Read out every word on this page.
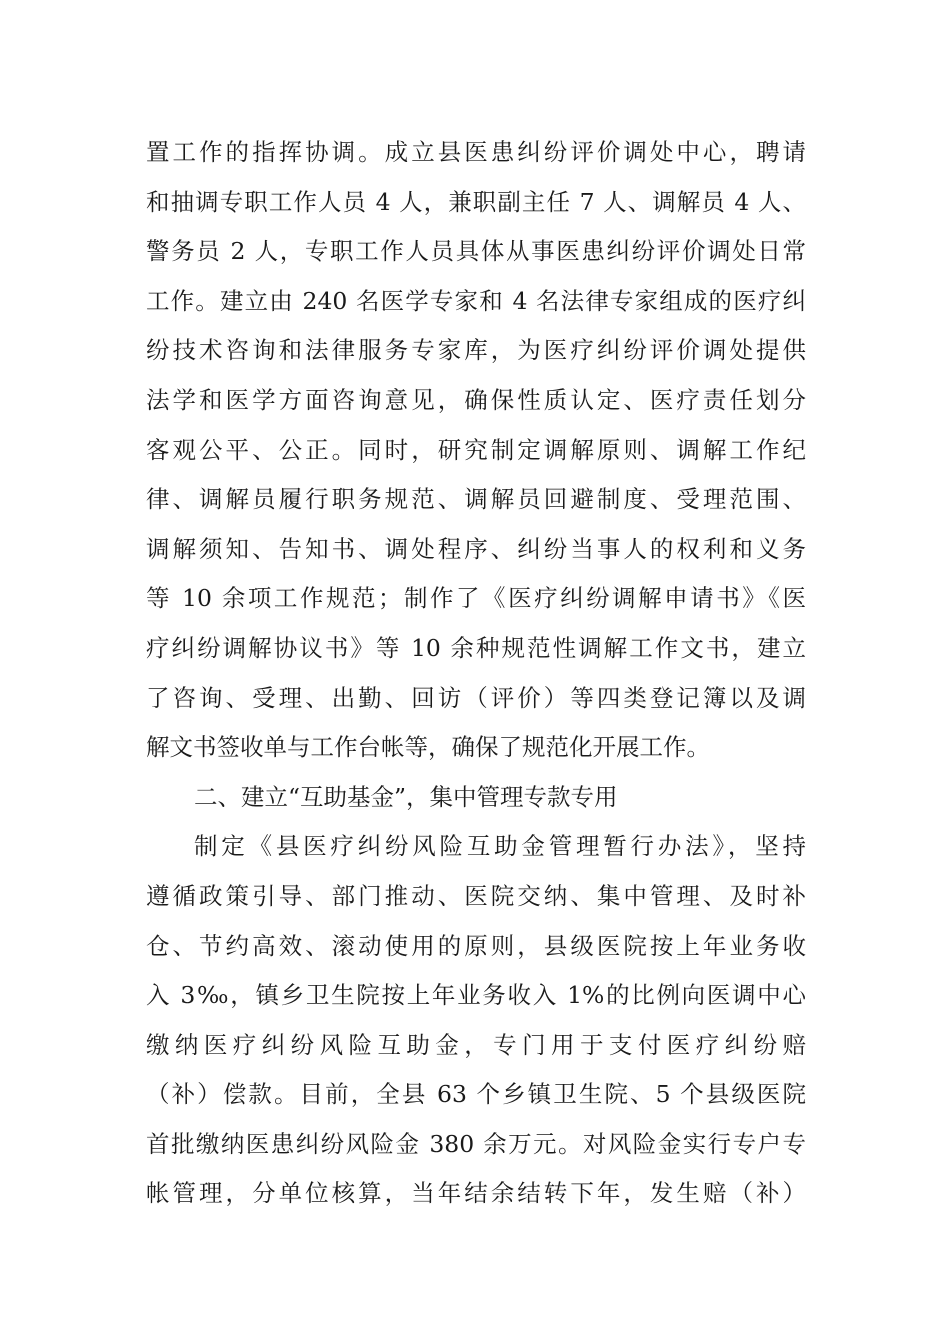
置工作的指挥协调。成立县医患纠纷评价调处中心，聘请
和抽调专职工作人员 4 人，兼职副主任 7 人、调解员 4 人、
警务员 2 人，专职工作人员具体从事医患纠纷评价调处日常
工作。建立由 240 名医学专家和 4 名法律专家组成的医疗纠
纷技术咨询和法律服务专家库，为医疗纠纷评价调处提供
法学和医学方面咨询意见，确保性质认定、医疗责任划分
客观公平、公正。同时，研究制定调解原则、调解工作纪
律、调解员履行职务规范、调解员回避制度、受理范围、
调解须知、告知书、调处程序、纠纷当事人的权利和义务
等 10 余项工作规范；制作了《医疗纠纷调解申请书》《医
疗纠纷调解协议书》等 10 余种规范性调解工作文书，建立
了咨询、受理、出勤、回访（评价）等四类登记簿以及调
解文书签收单与工作台帐等，确保了规范化开展工作。
二、建立“互助基金”，集中管理专款专用
制定《县医疗纠纷风险互助金管理暂行办法》，坚持
遵循政策引导、部门推动、医院交纳、集中管理、及时补
仓、节约高效、滚动使用的原则，县级医院按上年业务收
入 3‰，镇乡卫生院按上年业务收入 1%的比例向医调中心
缴纳医疗纠纷风险互助金，专门用于支付医疗纠纷赔
（补）偿款。目前，全县 63 个乡镇卫生院、5 个县级医院
首批缴纳医患纠纷风险金 380 余万元。对风险金实行专户专
帐管理，分单位核算，当年结余结转下年，发生赔（补）
